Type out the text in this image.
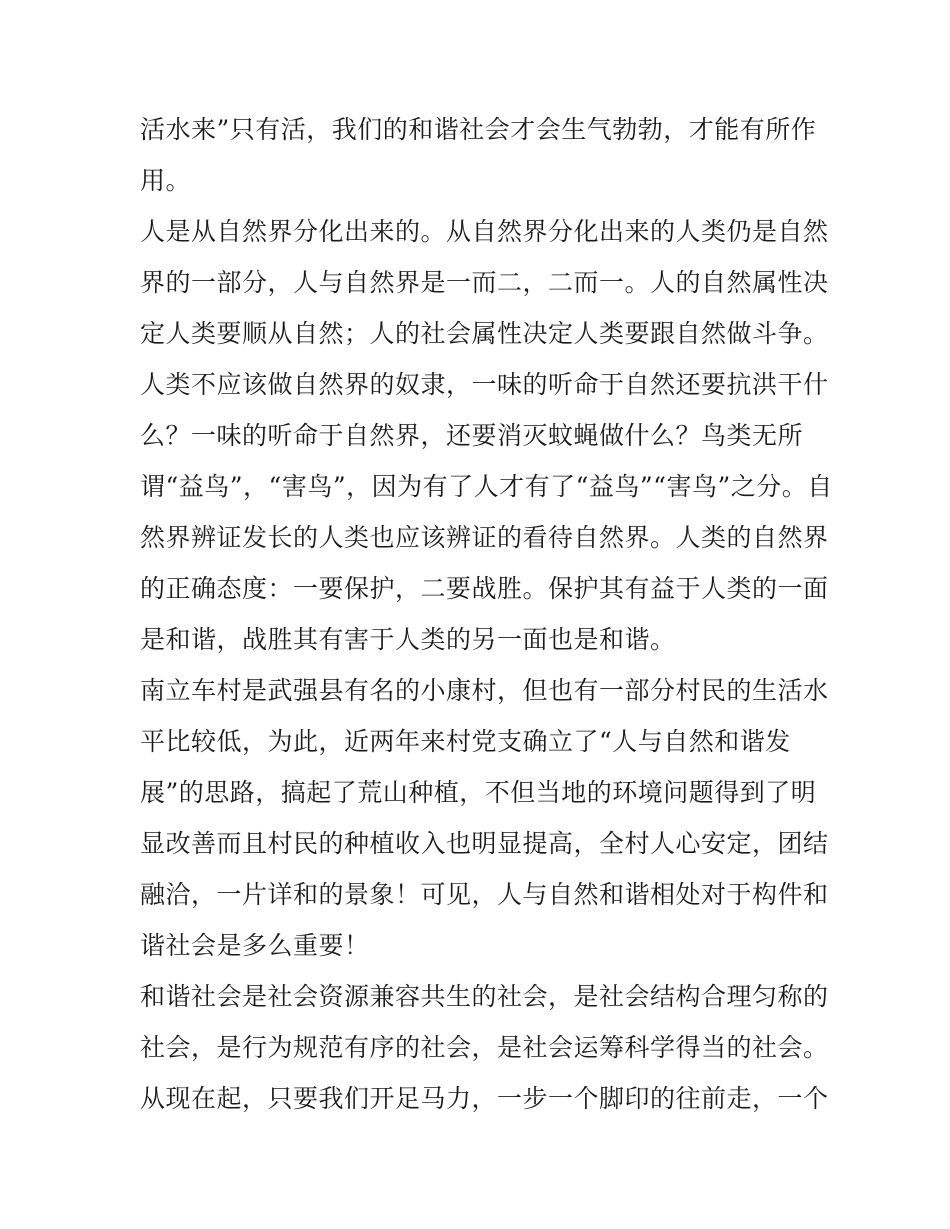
活水来”只有活，我们的和谐社会才会生气勃勃，才能有所作
用。
人是从自然界分化出来的。从自然界分化出来的人类仍是自然
界的一部分，人与自然界是一而二，二而一。人的自然属性决
定人类要顺从自然；人的社会属性决定人类要跟自然做斗争。
人类不应该做自然界的奴隶，一味的听命于自然还要抗洪干什
么？一味的听命于自然界，还要消灭蚊蝇做什么？鸟类无所
谓“益鸟”，“害鸟”，因为有了人才有了“益鸟”“害鸟”之分。自
然界辨证发长的人类也应该辨证的看待自然界。人类的自然界
的正确态度：一要保护，二要战胜。保护其有益于人类的一面
是和谐，战胜其有害于人类的另一面也是和谐。
南立车村是武强县有名的小康村，但也有一部分村民的生活水
平比较低，为此，近两年来村党支确立了“人与自然和谐发
展”的思路，搞起了荒山种植，不但当地的环境问题得到了明
显改善而且村民的种植收入也明显提高，全村人心安定，团结
融洽，一片详和的景象！可见，人与自然和谐相处对于构件和
谐社会是多么重要！
和谐社会是社会资源兼容共生的社会，是社会结构合理匀称的
社会，是行为规范有序的社会，是社会运筹科学得当的社会。
从现在起，只要我们开足马力，一步一个脚印的往前走，一个
